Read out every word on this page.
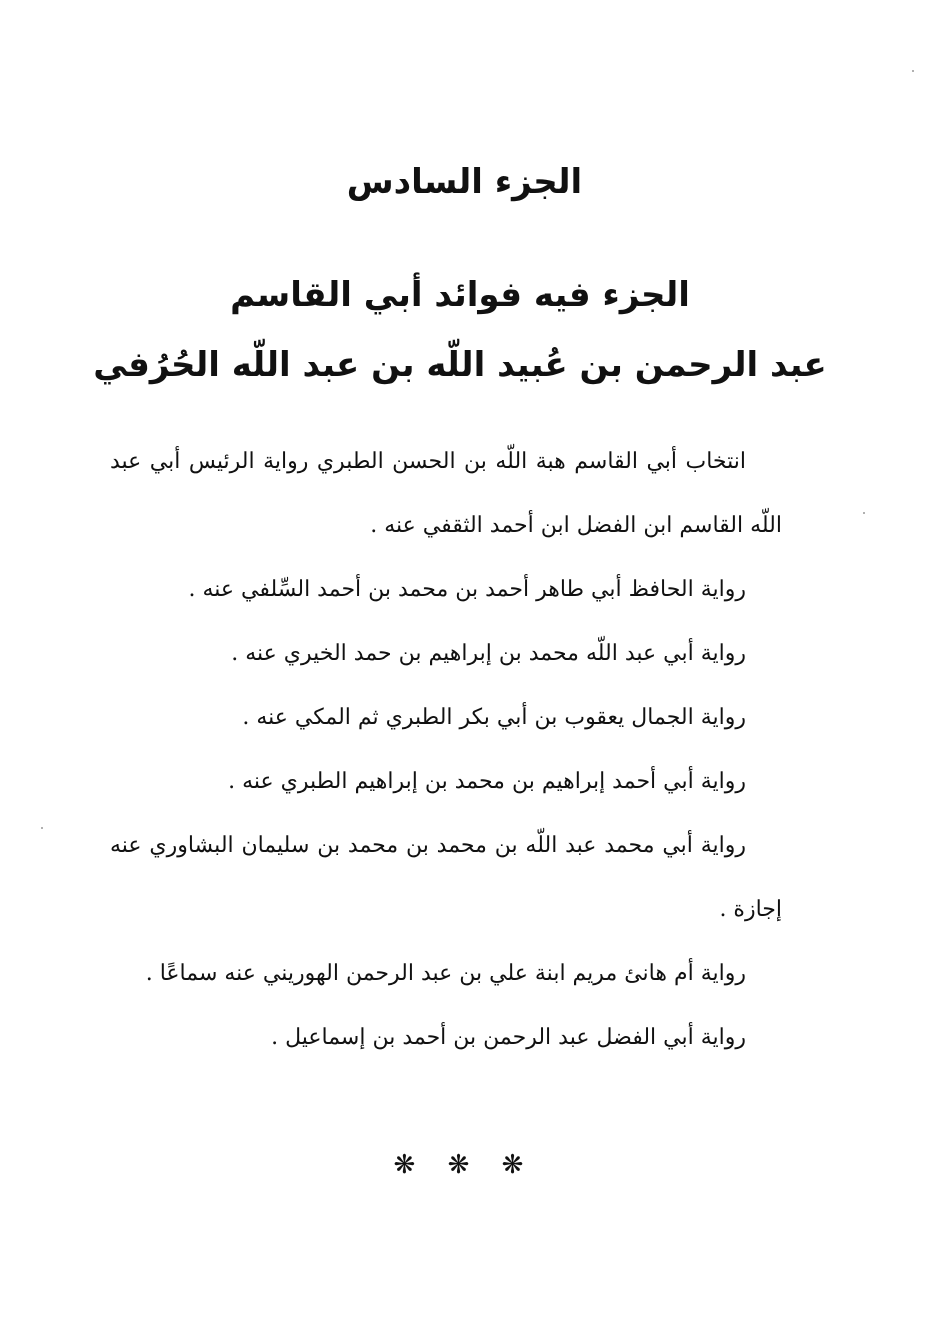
الجزء السادس
الجزء فيه فوائد أبي القاسم
عبد الرحمن بن عُبيد اللّه بن عبد اللّه الحُرُفي

انتخاب أبي القاسم هبة اللّه بن الحسن الطبري رواية الرئيس أبي عبد اللّه القاسم ابن الفضل ابن أحمد الثقفي عنه .

رواية الحافظ أبي طاهر أحمد بن محمد بن أحمد السِّلفي عنه .

رواية أبي عبد اللّه محمد بن إبراهيم بن حمد الخيري عنه .

رواية الجمال يعقوب بن أبي بكر الطبري ثم المكي عنه .

رواية أبي أحمد إبراهيم بن محمد بن إبراهيم الطبري عنه .

رواية أبي محمد عبد اللّه بن محمد بن محمد بن سليمان البشاوري عنه إجازة .

رواية أم هانئ مريم ابنة علي بن عبد الرحمن الهوريني عنه سماعًا .

رواية أبي الفضل عبد الرحمن بن أحمد بن إسماعيل .

❋ ❋ ❋
